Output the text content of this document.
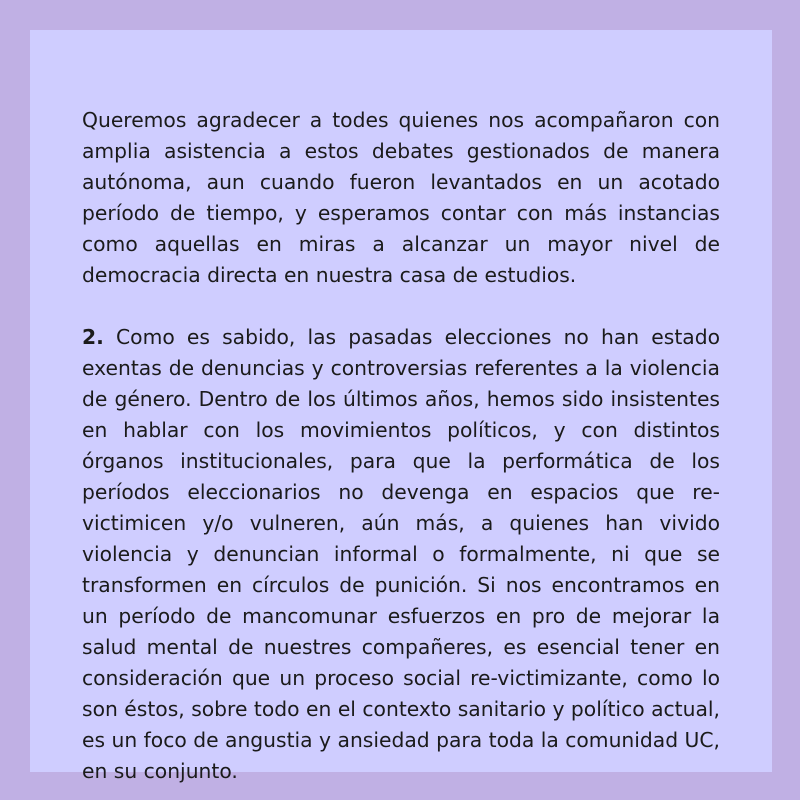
Queremos agradecer a todes quienes nos acompañaron con amplia asistencia a estos debates gestionados de manera autónoma, aun cuando fueron levantados en un acotado período de tiempo, y esperamos contar con más instancias como aquellas en miras a alcanzar un mayor nivel de democracia directa en nuestra casa de estudios.

2. Como es sabido, las pasadas elecciones no han estado exentas de denuncias y controversias referentes a la violencia de género. Dentro de los últimos años, hemos sido insistentes en hablar con los movimientos políticos, y con distintos órganos institucionales, para que la performática de los períodos eleccionarios no devenga en espacios que re-victimicen y/o vulneren, aún más, a quienes han vivido violencia y denuncian informal o formalmente, ni que se transformen en círculos de punición. Si nos encontramos en un período de mancomunar esfuerzos en pro de mejorar la salud mental de nuestres compañeres, es esencial tener en consideración que un proceso social re-victimizante, como lo son éstos, sobre todo en el contexto sanitario y político actual, es un foco de angustia y ansiedad para toda la comunidad UC, en su conjunto.
